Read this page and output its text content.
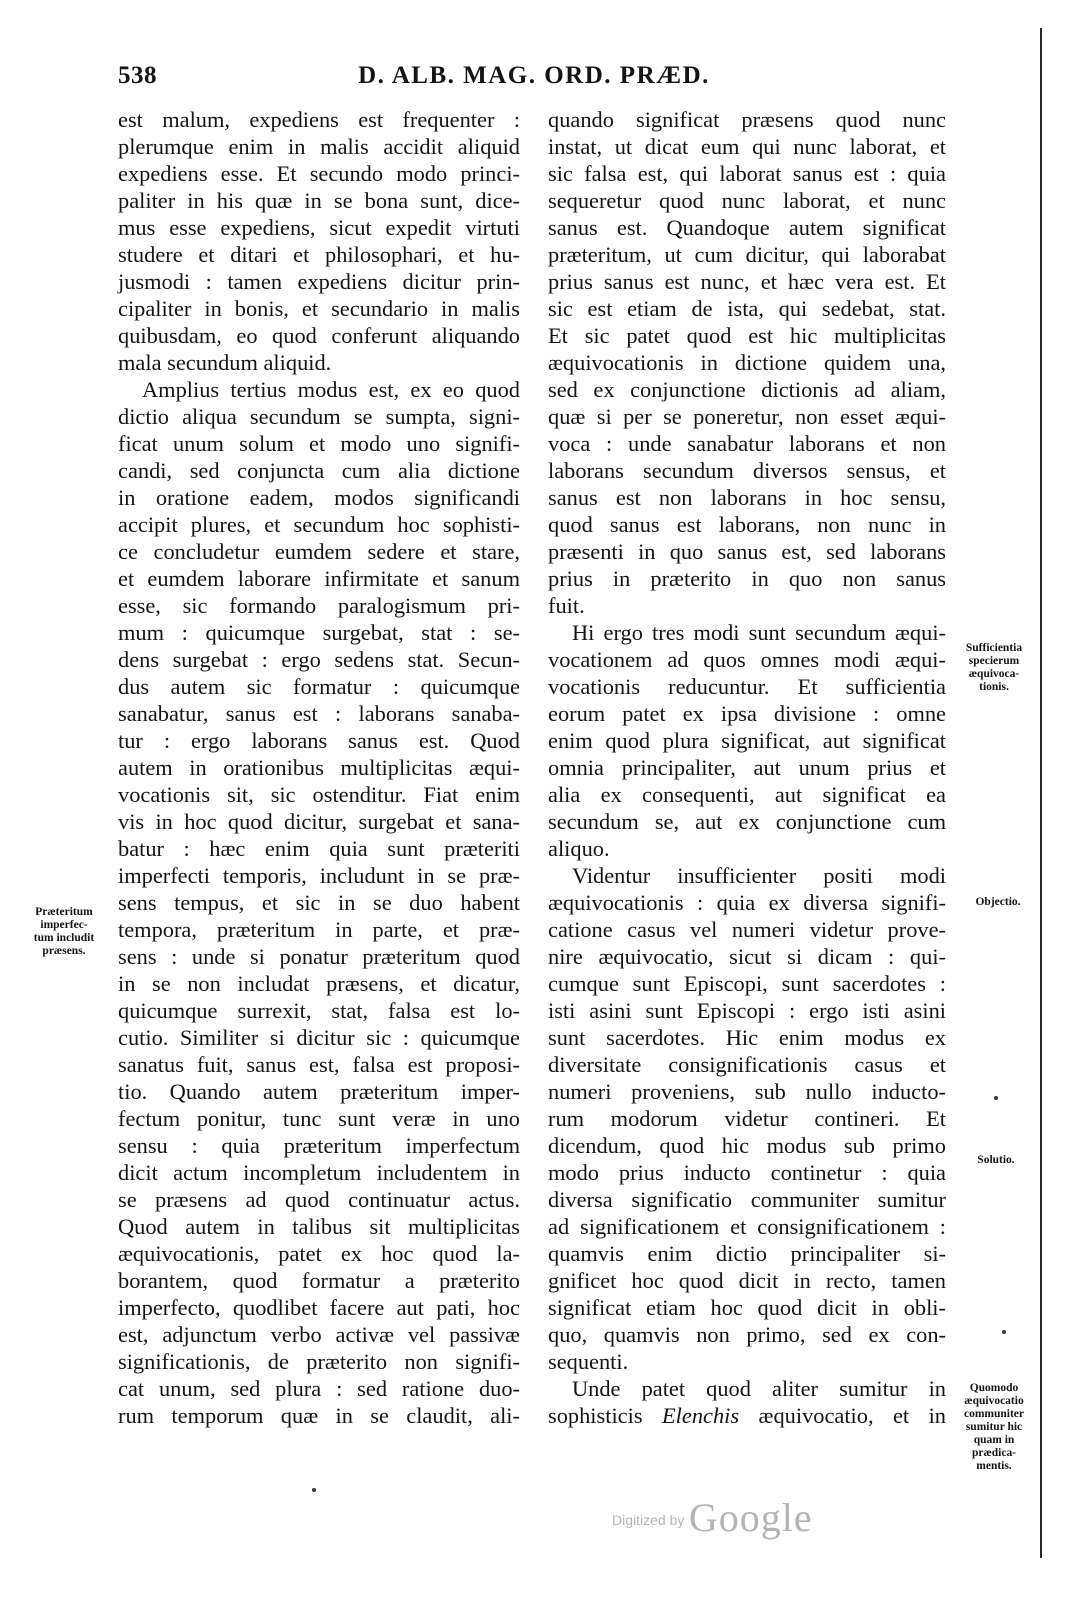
538	D. ALB. MAG. ORD. PRÆD.
est malum, expediens est frequenter :
plerumque enim in malis accidit aliquid
expediens esse. Et secundo modo princi-
paliter in his quæ in se bona sunt, dice-
mus esse expediens, sicut expedit virtuti
studere et ditari et philosophari, et hu-
jusmodi : tamen expediens dicitur prin-
cipaliter in bonis, et secundario in malis
quibusdam, eo quod conferunt aliquando
mala secundum aliquid.
Amplius tertius modus est, ex eo quod
dictio aliqua secundum se sumpta, signi-
ficat unum solum et modo uno signifi-
candi, sed conjuncta cum alia dictione
in oratione eadem, modos significandi
accipit plures, et secundum hoc sophisti-
ce concludetur eumdem sedere et stare,
et eumdem laborare infirmitate et sanum
esse, sic formando paralogismum pri-
mum : quicumque surgebat, stat : se-
dens surgebat : ergo sedens stat. Secun-
dus autem sic formatur : quicumque
sanabatur, sanus est : laborans sanaba-
tur : ergo laborans sanus est. Quod
autem in orationibus multiplicitas æqui-
vocationis sit, sic ostenditur. Fiat enim
vis in hoc quod dicitur, surgebat et sana-
batur : hæc enim quia sunt præteriti
imperfecti temporis, includunt in se præ-
sens tempus, et sic in se duo habent
tempora, præteritum in parte, et præ-
sens : unde si ponatur præteritum quod
in se non includat præsens, et dicatur,
quicumque surrexit, stat, falsa est lo-
cutio. Similiter si dicitur sic : quicumque
sanatus fuit, sanus est, falsa est proposi-
tio. Quando autem præteritum imper-
fectum ponitur, tunc sunt veræ in uno
sensu : quia præteritum imperfectum
dicit actum incompletum includentem in
se præsens ad quod continuatur actus.
Quod autem in talibus sit multiplicitas
æquivocationis, patet ex hoc quod la-
borantem, quod formatur a præterito
imperfecto, quodlibet facere aut pati, hoc
est, adjunctum verbo activæ vel passivæ
significationis, de præterito non signifi-
cat unum, sed plura : sed ratione duo-
rum temporum quæ in se claudit, ali-
quando significat præsens quod nunc
instat, ut dicat eum qui nunc laborat, et
sic falsa est, qui laborat sanus est : quia
sequeretur quod nunc laborat, et nunc
sanus est. Quandoque autem significat
præteritum, ut cum dicitur, qui laborabat
prius sanus est nunc, et hæc vera est. Et
sic est etiam de ista, qui sedebat, stat.
Et sic patet quod est hic multiplicitas
æquivocationis in dictione quidem una,
sed ex conjunctione dictionis ad aliam,
quæ si per se poneretur, non esset æqui-
voca : unde sanabatur laborans et non
laborans secundum diversos sensus, et
sanus est non laborans in hoc sensu,
quod sanus est laborans, non nunc in
præsenti in quo sanus est, sed laborans
prius in præterito in quo non sanus
fuit.
Hi ergo tres modi sunt secundum æqui-
vocationem ad quos omnes modi æqui-
vocationis reducuntur. Et sufficientia
eorum patet ex ipsa divisione : omne
enim quod plura significat, aut significat
omnia principaliter, aut unum prius et
alia ex consequenti, aut significat ea
secundum se, aut ex conjunctione cum
aliquo.
Videntur insufficienter positi modi
æquivocationis : quia ex diversa signifi-
catione casus vel numeri videtur prove-
nire æquivocatio, sicut si dicam : qui-
cumque sunt Episcopi, sunt sacerdotes :
isti asini sunt Episcopi : ergo isti asini
sunt sacerdotes. Hic enim modus ex
diversitate consignificationis casus et
numeri proveniens, sub nullo inducto-
rum modorum videtur contineri. Et
dicendum, quod hic modus sub primo
modo prius inducto continetur : quia
diversa significatio communiter sumitur
ad significationem et consignificationem :
quamvis enim dictio principaliter si-
gnificet hoc quod dicit in recto, tamen
significat etiam hoc quod dicit in obli-
quo, quamvis non primo, sed ex con-
sequenti.
Unde patet quod aliter sumitur in
sophisticis Elenchis æquivocatio, et in
Præteritum
imperfec-
tum includit
præsens.
Sufficientia
specierum
æquivoca-
tionis.
Objectio.
Solutio.
Quomodo
æquivocatio
communiter
sumitur hic
quam in
prædica-
mentis.
Digitized by Google
